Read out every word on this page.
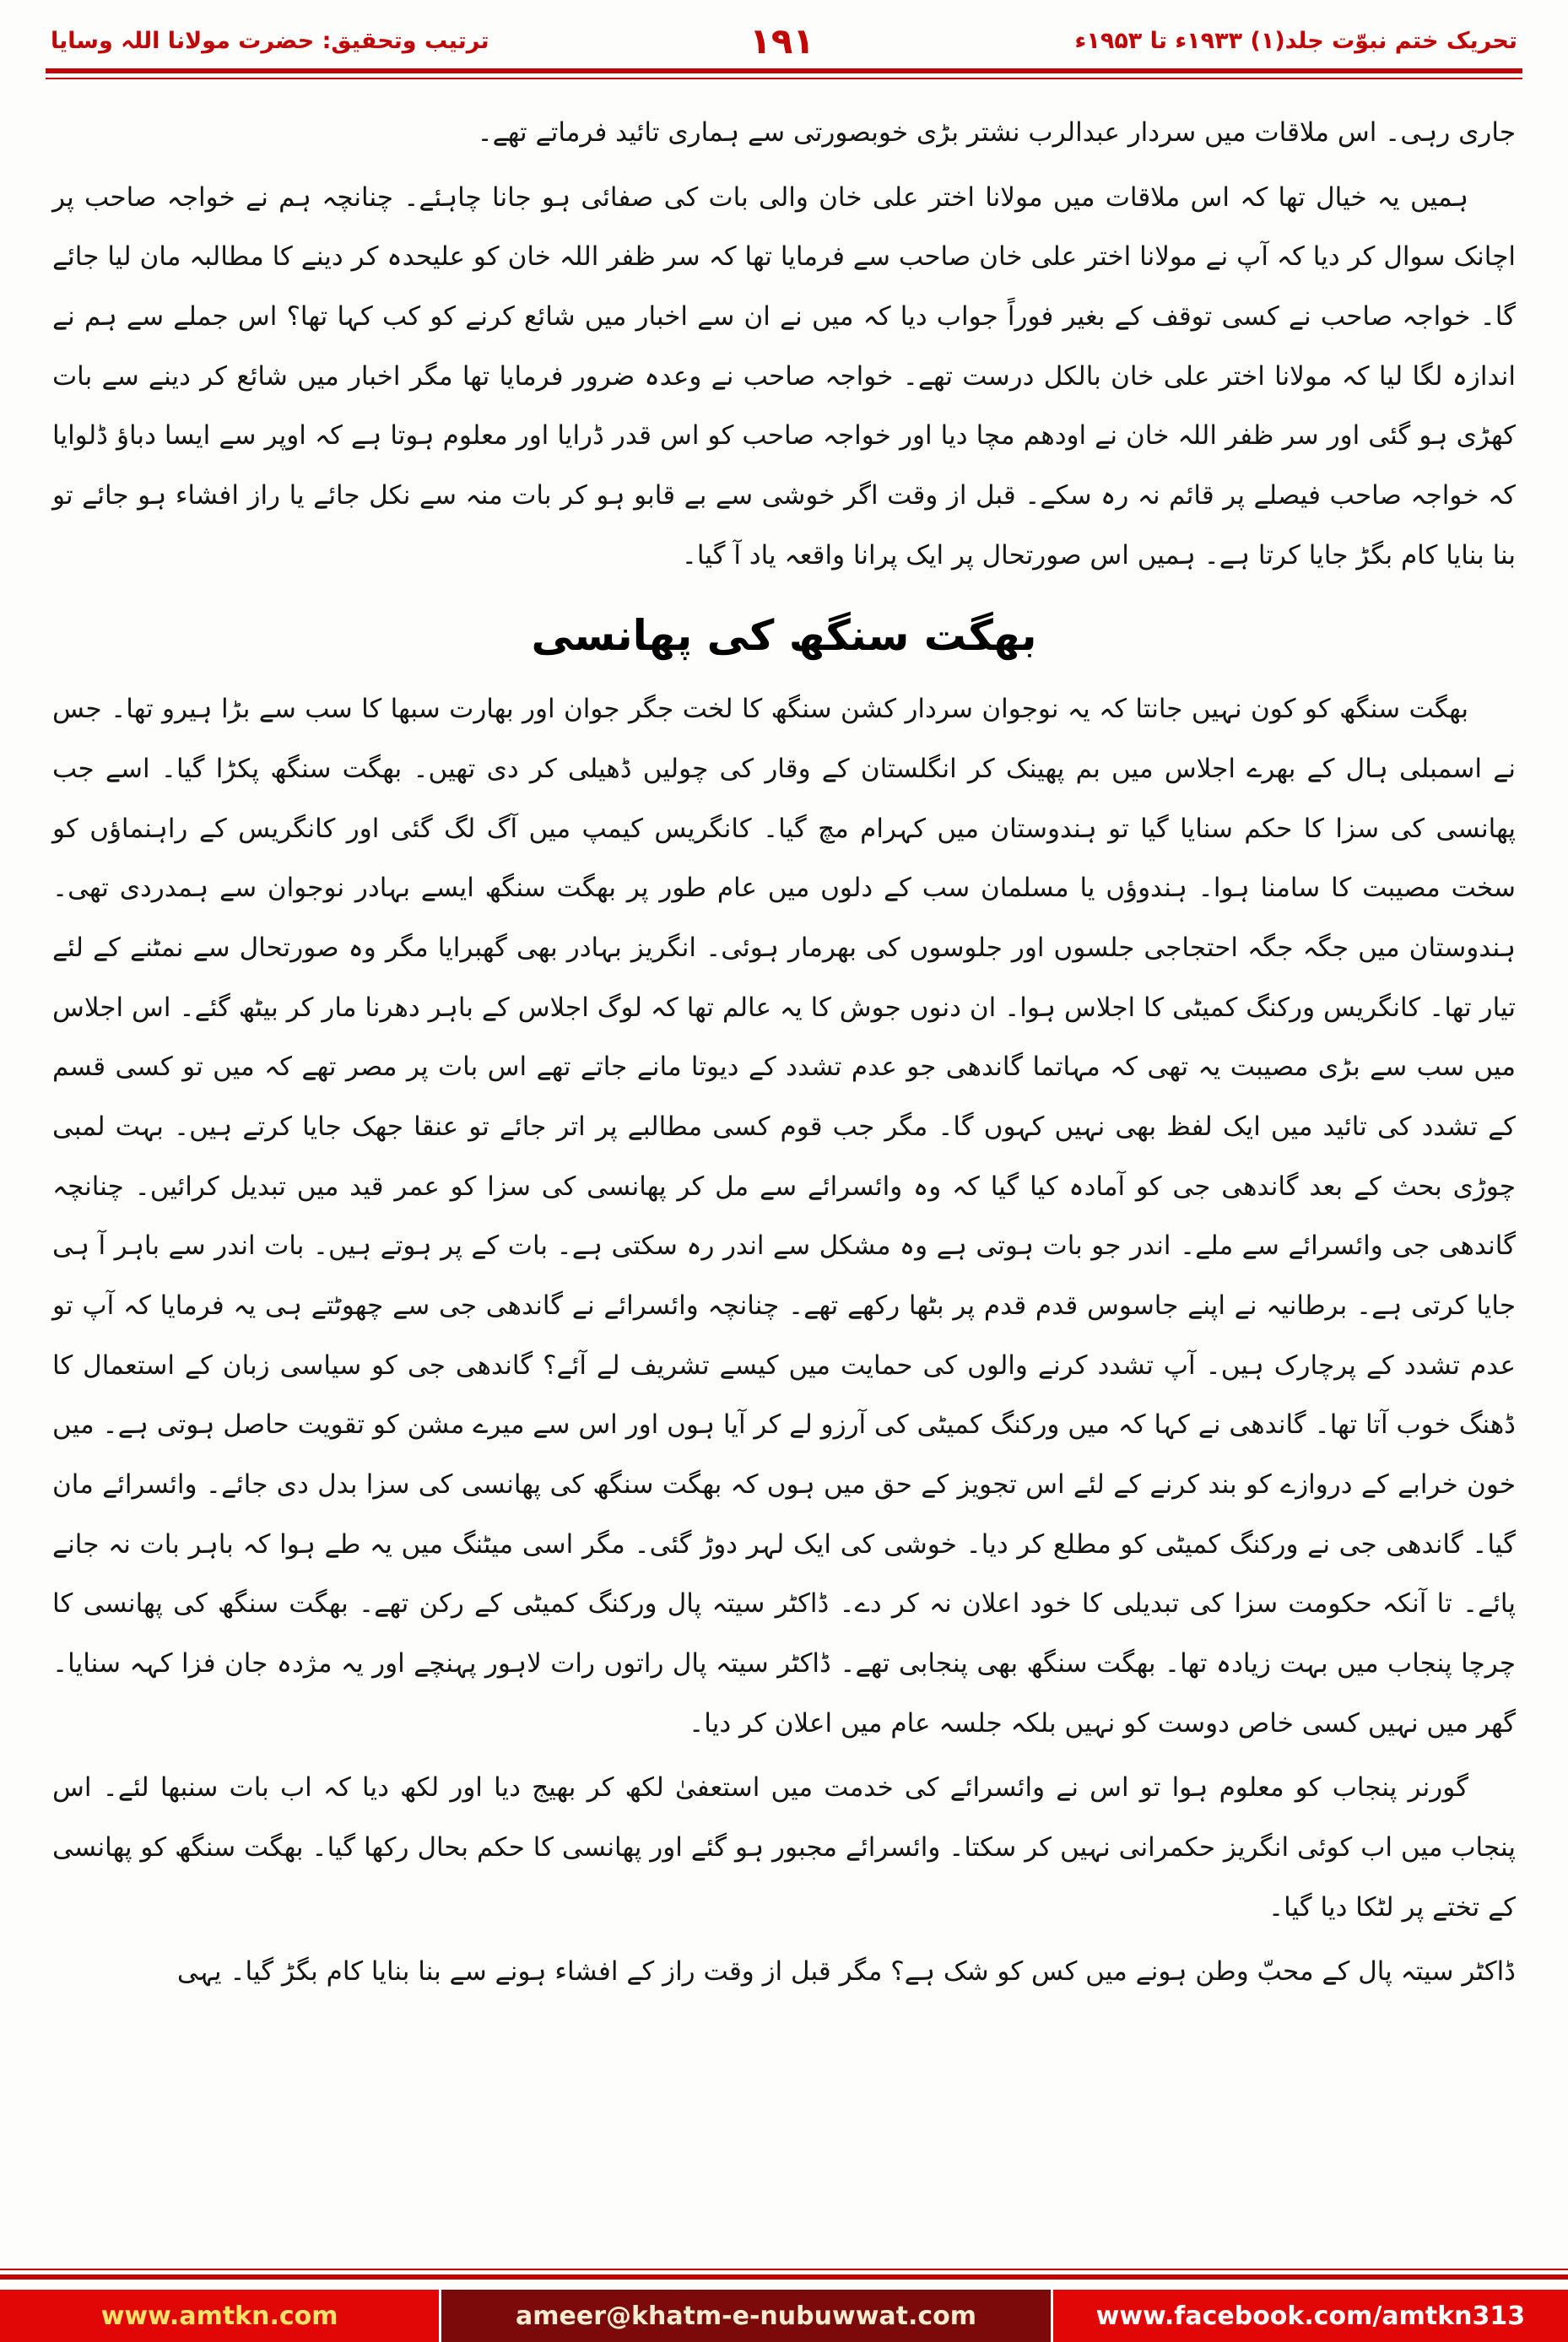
تحریک ختم نبوّت جلد(۱) ۱۹۳۳ء تا ۱۹۵۳ء
۱۹۱
ترتیب وتحقیق: حضرت مولانا اللہ وسایا

جاری رہی۔ اس ملاقات میں سردار عبدالرب نشتر بڑی خوبصورتی سے ہماری تائید فرماتے تھے۔

ہمیں یہ خیال تھا کہ اس ملاقات میں مولانا اختر علی خان والی بات کی صفائی ہو جانا چاہئے۔ چنانچہ ہم نے خواجہ صاحب پر اچانک سوال کر دیا کہ آپ نے مولانا اختر علی خان صاحب سے فرمایا تھا کہ سر ظفر اللہ خان کو علیحدہ کر دینے کا مطالبہ مان لیا جائے گا۔ خواجہ صاحب نے کسی توقف کے بغیر فوراً جواب دیا کہ میں نے ان سے اخبار میں شائع کرنے کو کب کہا تھا؟ اس جملے سے ہم نے اندازہ لگا لیا کہ مولانا اختر علی خان بالکل درست تھے۔ خواجہ صاحب نے وعدہ ضرور فرمایا تھا مگر اخبار میں شائع کر دینے سے بات کھڑی ہو گئی اور سر ظفر اللہ خان نے اودھم مچا دیا اور خواجہ صاحب کو اس قدر ڈرایا اور معلوم ہوتا ہے کہ اوپر سے ایسا دباؤ ڈلوایا کہ خواجہ صاحب فیصلے پر قائم نہ رہ سکے۔ قبل از وقت اگر خوشی سے بے قابو ہو کر بات منہ سے نکل جائے یا راز افشاء ہو جائے تو بنا بنایا کام بگڑ جایا کرتا ہے۔ ہمیں اس صورتحال پر ایک پرانا واقعہ یاد آ گیا۔

بھگت سنگھ کی پھانسی

بھگت سنگھ کو کون نہیں جانتا کہ یہ نوجوان سردار کشن سنگھ کا لخت جگر جوان اور بھارت سبھا کا سب سے بڑا ہیرو تھا۔ جس نے اسمبلی ہال کے بھرے اجلاس میں بم پھینک کر انگلستان کے وقار کی چولیں ڈھیلی کر دی تھیں۔ بھگت سنگھ پکڑا گیا۔ اسے جب پھانسی کی سزا کا حکم سنایا گیا تو ہندوستان میں کہرام مچ گیا۔ کانگریس کیمپ میں آگ لگ گئی اور کانگریس کے راہنماؤں کو سخت مصیبت کا سامنا ہوا۔ ہندوؤں یا مسلمان سب کے دلوں میں عام طور پر بھگت سنگھ ایسے بہادر نوجوان سے ہمدردی تھی۔ ہندوستان میں جگہ جگہ احتجاجی جلسوں اور جلوسوں کی بھرمار ہوئی۔ انگریز بہادر بھی گھبرایا مگر وہ صورتحال سے نمٹنے کے لئے تیار تھا۔ کانگریس ورکنگ کمیٹی کا اجلاس ہوا۔ ان دنوں جوش کا یہ عالم تھا کہ لوگ اجلاس کے باہر دھرنا مار کر بیٹھ گئے۔ اس اجلاس میں سب سے بڑی مصیبت یہ تھی کہ مہاتما گاندھی جو عدم تشدد کے دیوتا مانے جاتے تھے اس بات پر مصر تھے کہ میں تو کسی قسم کے تشدد کی تائید میں ایک لفظ بھی نہیں کہوں گا۔ مگر جب قوم کسی مطالبے پر اتر جائے تو عنقا جھک جایا کرتے ہیں۔ بہت لمبی چوڑی بحث کے بعد گاندھی جی کو آمادہ کیا گیا کہ وہ وائسرائے سے مل کر پھانسی کی سزا کو عمر قید میں تبدیل کرائیں۔ چنانچہ گاندھی جی وائسرائے سے ملے۔ اندر جو بات ہوتی ہے وہ مشکل سے اندر رہ سکتی ہے۔ بات کے پر ہوتے ہیں۔ بات اندر سے باہر آ ہی جایا کرتی ہے۔ برطانیہ نے اپنے جاسوس قدم قدم پر بٹھا رکھے تھے۔ چنانچہ وائسرائے نے گاندھی جی سے چھوٹتے ہی یہ فرمایا کہ آپ تو عدم تشدد کے پرچارک ہیں۔ آپ تشدد کرنے والوں کی حمایت میں کیسے تشریف لے آئے؟ گاندھی جی کو سیاسی زبان کے استعمال کا ڈھنگ خوب آتا تھا۔ گاندھی نے کہا کہ میں ورکنگ کمیٹی کی آرزو لے کر آیا ہوں اور اس سے میرے مشن کو تقویت حاصل ہوتی ہے۔ میں خون خرابے کے دروازے کو بند کرنے کے لئے اس تجویز کے حق میں ہوں کہ بھگت سنگھ کی پھانسی کی سزا بدل دی جائے۔ وائسرائے مان گیا۔ گاندھی جی نے ورکنگ کمیٹی کو مطلع کر دیا۔ خوشی کی ایک لہر دوڑ گئی۔ مگر اسی میٹنگ میں یہ طے ہوا کہ باہر بات نہ جانے پائے۔ تا آنکہ حکومت سزا کی تبدیلی کا خود اعلان نہ کر دے۔ ڈاکٹر سیتہ پال ورکنگ کمیٹی کے رکن تھے۔ بھگت سنگھ کی پھانسی کا چرچا پنجاب میں بہت زیادہ تھا۔ بھگت سنگھ بھی پنجابی تھے۔ ڈاکٹر سیتہ پال راتوں رات لاہور پہنچے اور یہ مژدہ جان فزا کہہ سنایا۔ گھر میں نہیں کسی خاص دوست کو نہیں بلکہ جلسہ عام میں اعلان کر دیا۔

گورنر پنجاب کو معلوم ہوا تو اس نے وائسرائے کی خدمت میں استعفیٰ لکھ کر بھیج دیا اور لکھ دیا کہ اب بات سنبھا لئے۔ اس پنجاب میں اب کوئی انگریز حکمرانی نہیں کر سکتا۔ وائسرائے مجبور ہو گئے اور پھانسی کا حکم بحال رکھا گیا۔ بھگت سنگھ کو پھانسی کے تختے پر لٹکا دیا گیا۔

ڈاکٹر سیتہ پال کے محبّ وطن ہونے میں کس کو شک ہے؟ مگر قبل از وقت راز کے افشاء ہونے سے بنا بنایا کام بگڑ گیا۔ یہی

www.amtkn.com	ameer@khatm-e-nubuwwat.com	www.facebook.com/amtkn313
